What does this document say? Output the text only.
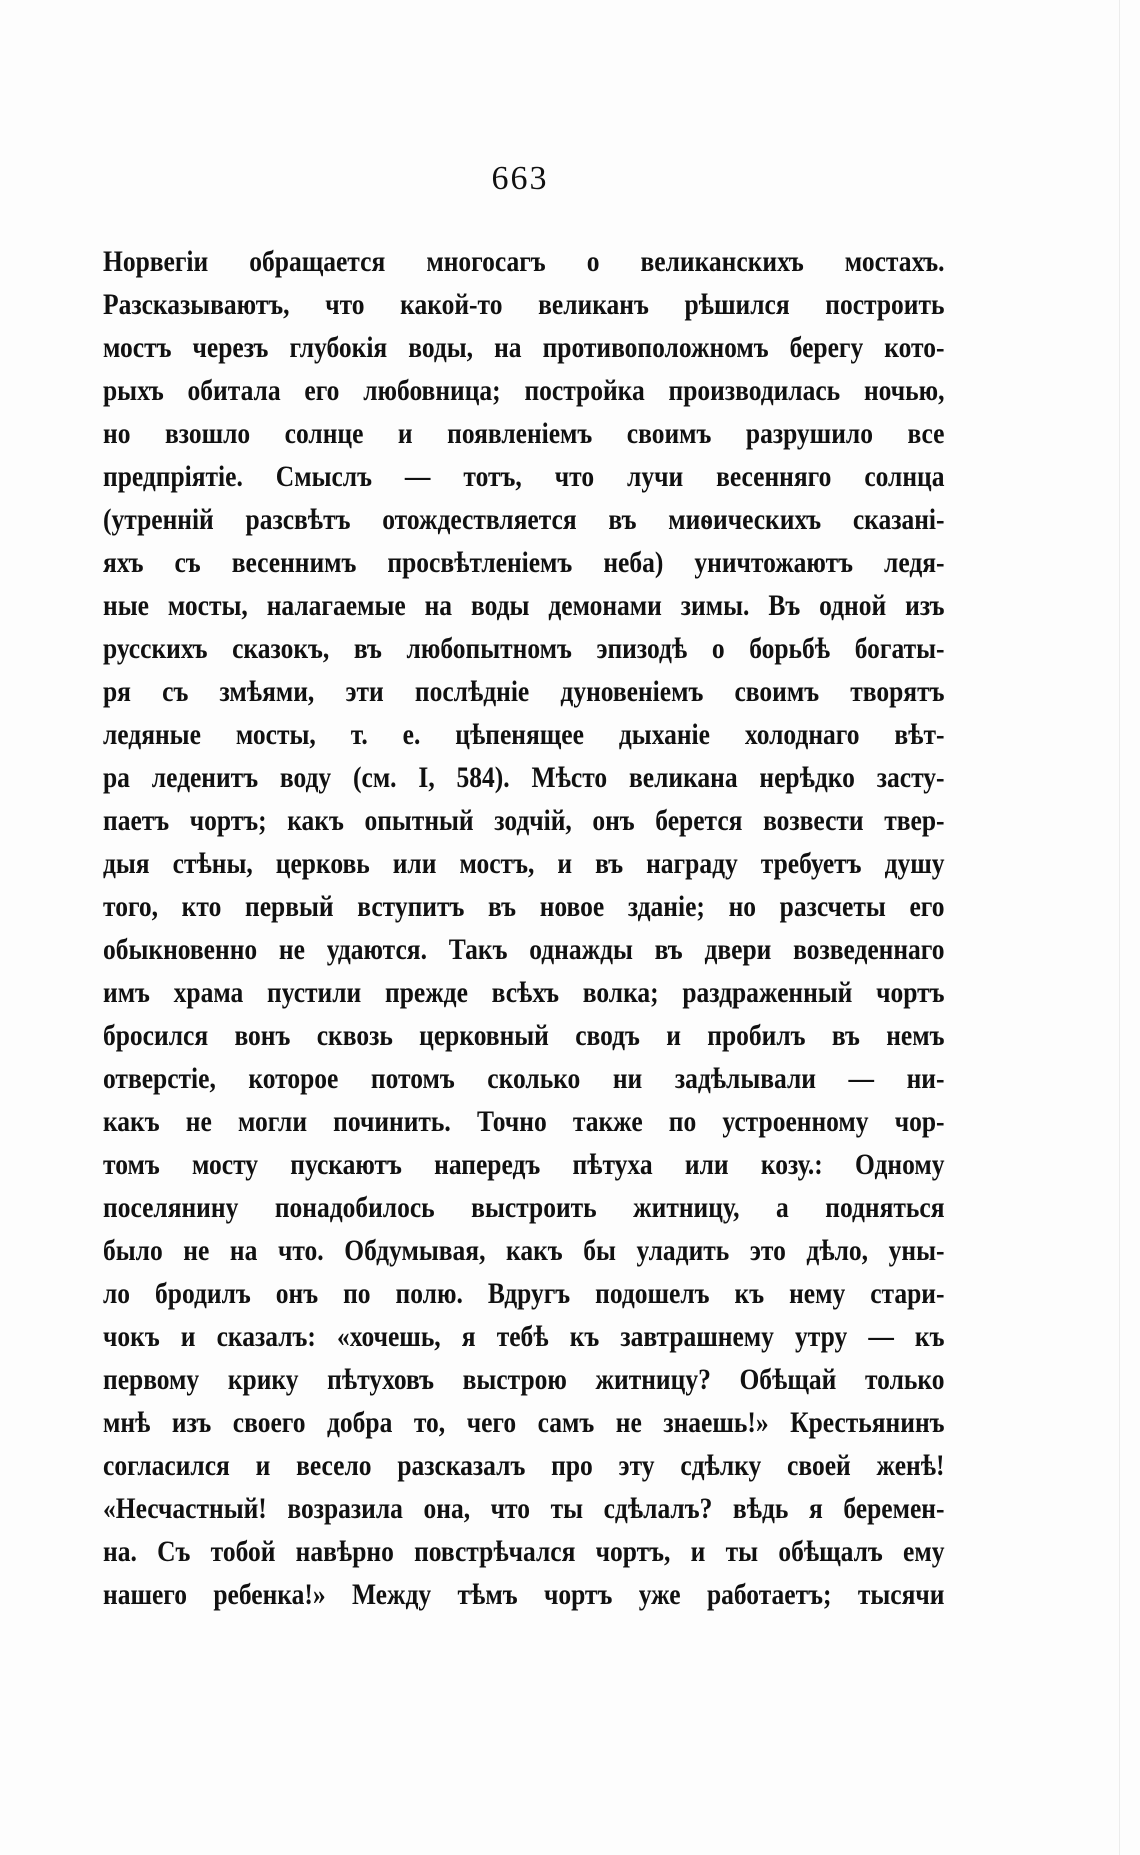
663
Норвегіи обращается многосагъ о великанскихъ мостахъ.
Разсказываютъ, что какой-то великанъ рѣшился построить
мостъ черезъ глубокія воды, на противоположномъ берегу кото-
рыхъ обитала его любовница; постройка производилась ночью,
но взошло солнце и появленіемъ своимъ разрушило все
предпріятіе. Смыслъ — тотъ, что лучи весенняго солнца
(утренній разсвѣтъ отождествляется въ миѳическихъ сказані-
яхъ съ весеннимъ просвѣтленіемъ неба) уничтожаютъ ледя-
ные мосты, налагаемые на воды демонами зимы. Въ одной изъ
русскихъ сказокъ, въ любопытномъ эпизодѣ о борьбѣ богаты-
ря съ змѣями, эти послѣдніе дуновеніемъ своимъ творятъ
ледяные мосты, т. е. цѣпенящее дыханіе холоднаго вѣт-
ра леденитъ воду (см. I, 584). Мѣсто великана нерѣдко засту-
паетъ чортъ; какъ опытный зодчій, онъ берется возвести твер-
дыя стѣны, церковь или мостъ, и въ награду требуетъ душу
того, кто первый вступитъ въ новое зданіе; но разсчеты его
обыкновенно не удаются. Такъ однажды въ двери возведеннаго
имъ храма пустили прежде всѣхъ волка; раздраженный чортъ
бросился вонъ сквозь церковный сводъ и пробилъ въ немъ
отверстіе, которое потомъ сколько ни задѣлывали — ни-
какъ не могли починить. Точно также по устроенному чор-
томъ мосту пускаютъ напередъ пѣтуха или козу.: Одному
поселянину понадобилось выстроить житницу, а подняться
было не на что. Обдумывая, какъ бы уладить это дѣло, уны-
ло бродилъ онъ по полю. Вдругъ подошелъ къ нему стари-
чокъ и сказалъ: «хочешь, я тебѣ къ завтрашнему утру — къ
первому крику пѣтуховъ выстрою житницу? Обѣщай только
мнѣ изъ своего добра то, чего самъ не знаешь!» Крестьянинъ
согласился и весело разсказалъ про эту сдѣлку своей женѣ!
«Несчастный! возразила она, что ты сдѣлалъ? вѣдь я беремен-
на. Съ тобой навѣрно повстрѣчался чортъ, и ты обѣщалъ ему
нашего ребенка!» Между тѣмъ чортъ уже работаетъ; тысячи
